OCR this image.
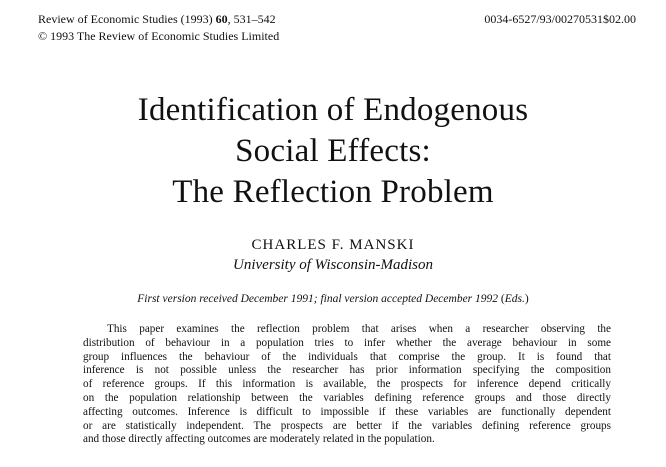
Review of Economic Studies (1993) 60, 531–542
© 1993 The Review of Economic Studies Limited
0034-6527/93/00270531$02.00
Identification of Endogenous
Social Effects:
The Reflection Problem
CHARLES F. MANSKI
University of Wisconsin-Madison
First version received December 1991; final version accepted December 1992 (Eds.)
This paper examines the reflection problem that arises when a researcher observing the
distribution of behaviour in a population tries to infer whether the average behaviour in some
group influences the behaviour of the individuals that comprise the group. It is found that
inference is not possible unless the researcher has prior information specifying the composition
of reference groups. If this information is available, the prospects for inference depend critically
on the population relationship between the variables defining reference groups and those directly
affecting outcomes. Inference is difficult to impossible if these variables are functionally dependent
or are statistically independent. The prospects are better if the variables defining reference groups
and those directly affecting outcomes are moderately related in the population.
